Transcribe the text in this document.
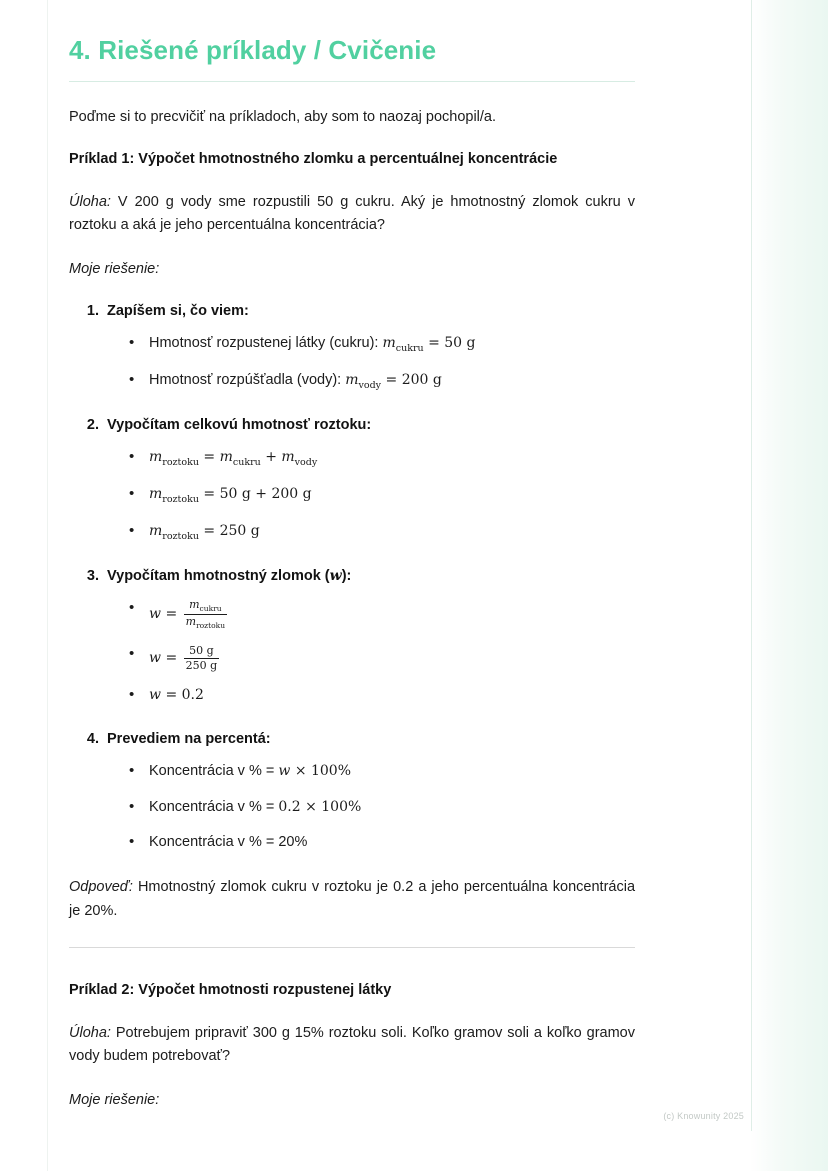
4. Riešené príklady / Cvičenie

Poďme si to precvičiť na príkladoch, aby som to naozaj pochopil/a.

Príklad 1: Výpočet hmotnostného zlomku a percentuálnej koncentrácie

Úloha: V 200 g vody sme rozpustili 50 g cukru. Aký je hmotnostný zlomok cukru v roztoku a aká je jeho percentuálna koncentrácia?

Moje riešenie:

1. Zapíšem si, čo viem:
• Hmotnosť rozpustenej látky (cukru): $m_{cukru} = 50$ g
• Hmotnosť rozpúšťadla (vody): $m_{vody} = 200$ g
2. Vypočítam celkovú hmotnosť roztoku:
• $m_{roztoku} = m_{cukru} + m_{vody}$
• $m_{roztoku} = 50$ g + 200 g
• $m_{roztoku} = 250$ g
3. Vypočítam hmotnostný zlomok (w):
• $w = \frac{m_{cukru}}{m_{roztoku}}$
• $w = \frac{50 g}{250 g}$
• w = 0.2
4. Prevediem na percentá:
• Koncentrácia v % = w × 100%
• Koncentrácia v % = 0.2 × 100%
• Koncentrácia v % = 20%

Odpoveď: Hmotnostný zlomok cukru v roztoku je 0.2 a jeho percentuálna koncentrácia je 20%.

Príklad 2: Výpočet hmotnosti rozpustenej látky

Úloha: Potrebujem pripraviť 300 g 15% roztoku soli. Koľko gramov soli a koľko gramov vody budem potrebovať?

Moje riešenie:

(c) Knowunity 2025
